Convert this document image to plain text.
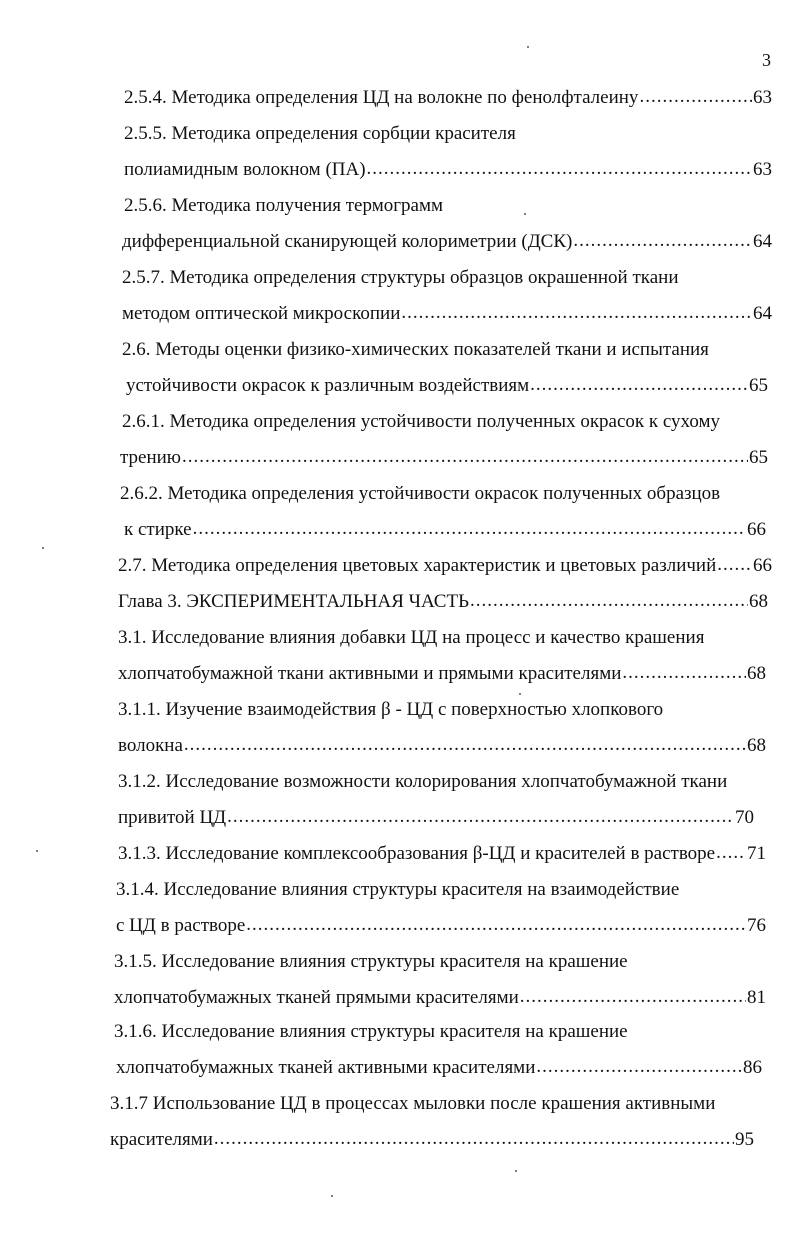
3
2.5.4. Методика определения ЦД на волокне по фенолфталеину .....	63
2.5.5. Методика определения сорбции красителя
полиамидным волокном (ПА) .....	63
2.5.6. Методика получения термограмм
дифференциальной сканирующей колориметрии (ДСК) .....	64
2.5.7. Методика определения структуры образцов окрашенной ткани
методом оптической микроскопии .....	64
2.6. Методы оценки физико-химических показателей ткани и испытания
устойчивости окрасок к различным воздействиям .....	65
2.6.1. Методика определения устойчивости полученных окрасок к сухому
трению .....	65
2.6.2. Методика определения устойчивости окрасок полученных образцов
к стирке .....	66
2.7. Методика определения цветовых характеристик и цветовых различий ..... 66
Глава 3. ЭКСПЕРИМЕНТАЛЬНАЯ ЧАСТЬ .....	68
3.1. Исследование влияния добавки ЦД на процесс и качество крашения
хлопчатобумажной ткани активными и прямыми красителями .....	68
3.1.1. Изучение взаимодействия β - ЦД с поверхностью хлопкового
волокна .....	68
3.1.2. Исследование возможности колорирования хлопчатобумажной ткани
привитой ЦД .....	70
3.1.3. Исследование комплексообразования β-ЦД и красителей в растворе ..... 71
3.1.4. Исследование влияния структуры красителя на взаимодействие
с ЦД в растворе .....	76
3.1.5. Исследование влияния структуры красителя на крашение
хлопчатобумажных тканей прямыми красителями .....	81
3.1.6. Исследование влияния структуры красителя на крашение
хлопчатобумажных тканей активными красителями .....	86
3.1.7 Использование ЦД в процессах мыловки после крашения активными
красителями .....	95
